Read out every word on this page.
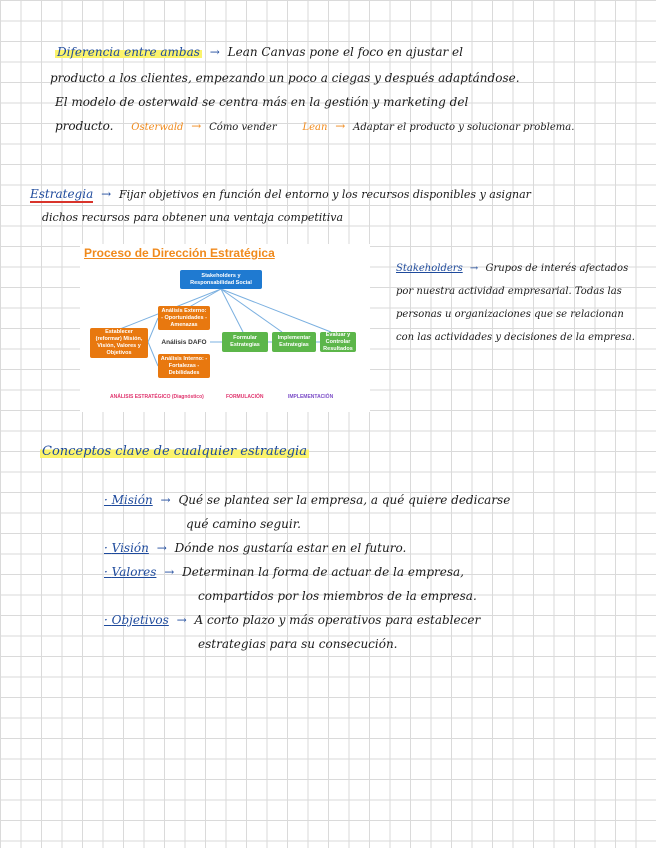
Diferencia entre ambas → Lean Canvas pone el foco en ajustar el
producto a los clientes, empezando un poco a ciegas y después adaptándose.
El modelo de osterwald se centra más en la gestión y marketing del
producto. Osterwald → Cómo vender	Lean → Adaptar el producto y solucionar problema.
Estrategia → Fijar objetivos en función del entorno y los recursos disponibles y asignar
dichos recursos para obtener una ventaja competitiva
Proceso de Dirección Estratégica
Stakeholders y Responsabilidad Social
Establecer (reformar) Misión, Visión, Valores y Objetivos
Análisis Externo: - Oportunidades - Amenazas
Análisis DAFO
Análisis Interno: - Fortalezas - Debilidades
Formular Estrategias
Implementar Estrategias
Evaluar y Controlar Resultados
ANÁLISIS ESTRATÉGICO (Diagnóstico)	FORMULACIÓN	IMPLEMENTACIÓN
Stakeholders → Grupos de interés afectados por nuestra actividad empresarial. Todas las personas u organizaciones que se relacionan con las actividades y decisiones de la empresa.
Conceptos clave de cualquier estrategia
· Misión → Qué se plantea ser la empresa, a qué quiere dedicarse
qué camino seguir.
· Visión → Dónde nos gustaría estar en el futuro.
· Valores → Determinan la forma de actuar de la empresa,
compartidos por los miembros de la empresa.
· Objetivos → A corto plazo y más operativos para establecer
estrategias para su consecución.
